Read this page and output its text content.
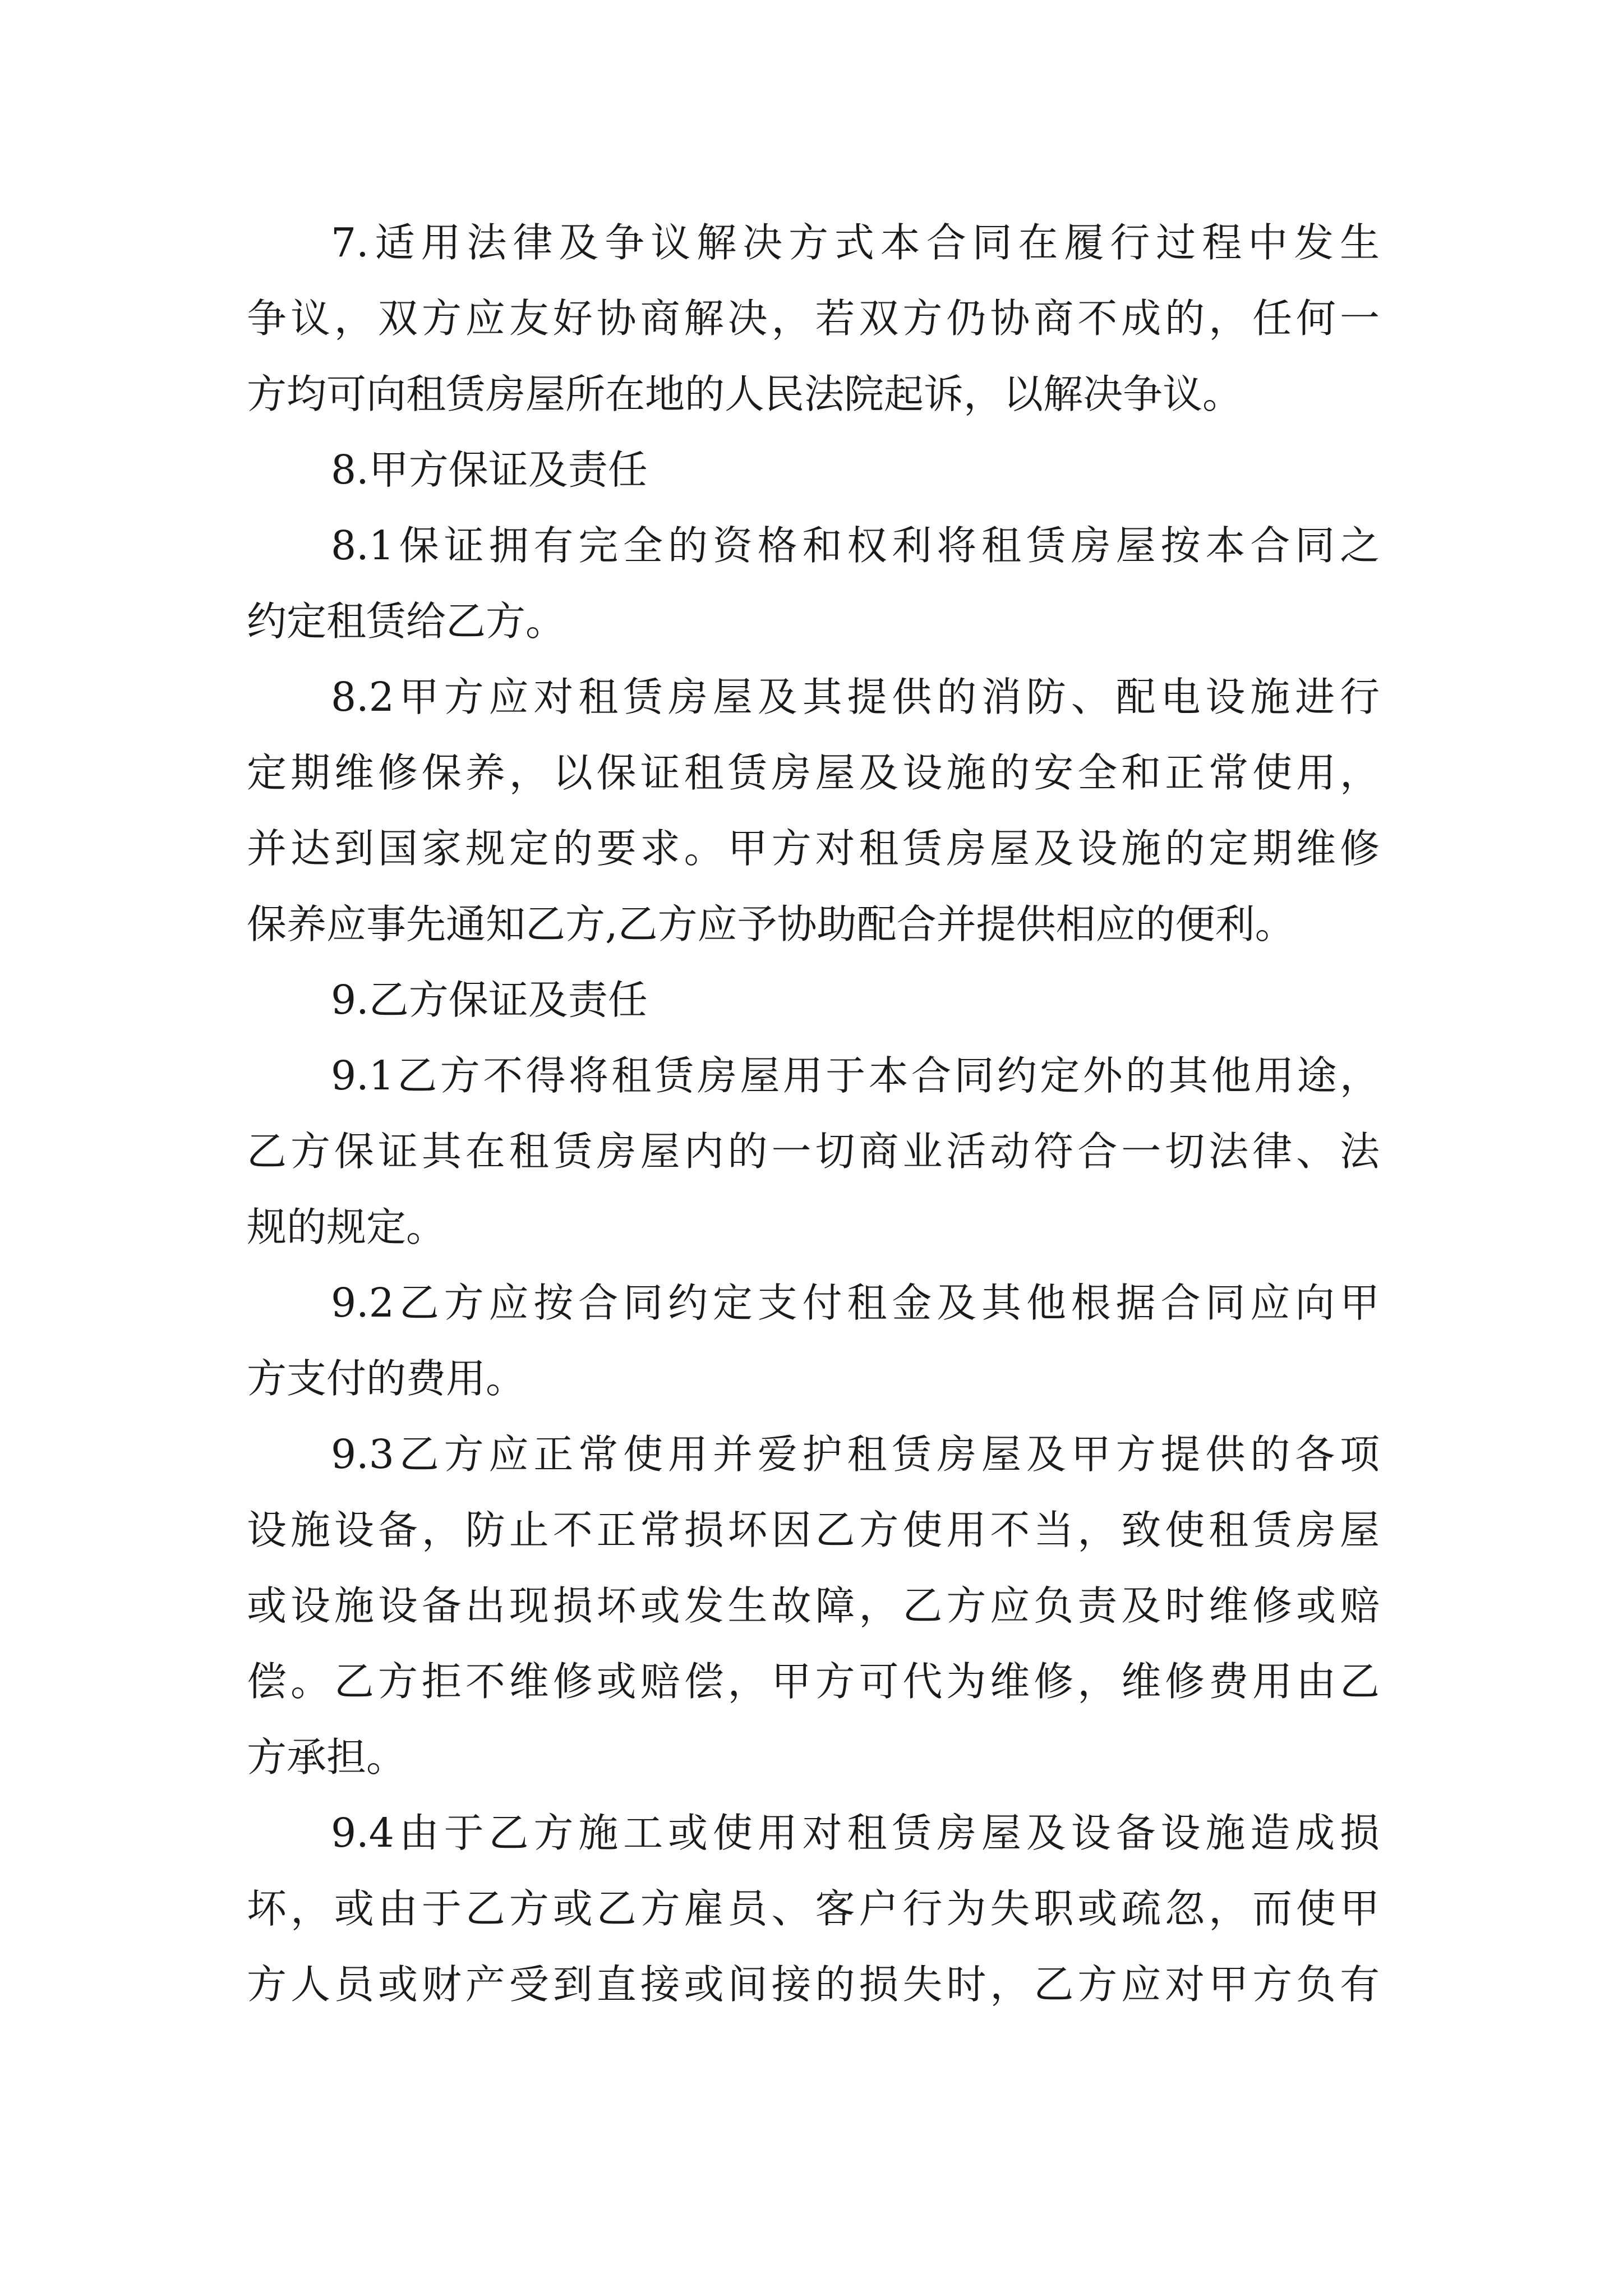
7.适用法律及争议解决方式本合同在履行过程中发生
争议，双方应友好协商解决，若双方仍协商不成的，任何一
方均可向租赁房屋所在地的人民法院起诉，以解决争议。
8.甲方保证及责任
8.1保证拥有完全的资格和权利将租赁房屋按本合同之
约定租赁给乙方。
8.2甲方应对租赁房屋及其提供的消防、配电设施进行
定期维修保养，以保证租赁房屋及设施的安全和正常使用，
并达到国家规定的要求。甲方对租赁房屋及设施的定期维修
保养应事先通知乙方,乙方应予协助配合并提供相应的便利。
9.乙方保证及责任
9.1乙方不得将租赁房屋用于本合同约定外的其他用途，
乙方保证其在租赁房屋内的一切商业活动符合一切法律、法
规的规定。
9.2乙方应按合同约定支付租金及其他根据合同应向甲
方支付的费用。
9.3乙方应正常使用并爱护租赁房屋及甲方提供的各项
设施设备，防止不正常损坏因乙方使用不当，致使租赁房屋
或设施设备出现损坏或发生故障，乙方应负责及时维修或赔
偿。乙方拒不维修或赔偿，甲方可代为维修，维修费用由乙
方承担。
9.4由于乙方施工或使用对租赁房屋及设备设施造成损
坏，或由于乙方或乙方雇员、客户行为失职或疏忽，而使甲
方人员或财产受到直接或间接的损失时，乙方应对甲方负有
